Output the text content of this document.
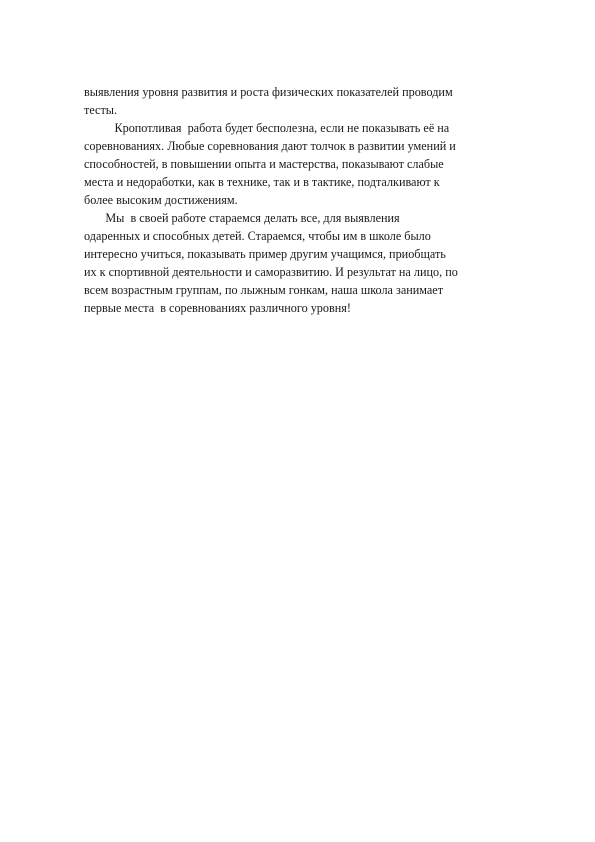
выявления уровня развития и роста физических показателей проводим
тесты.
Кропотливая  работа будет бесполезна, если не показывать её на
соревнованиях. Любые соревнования дают толчок в развитии умений и
способностей, в повышении опыта и мастерства, показывают слабые
места и недоработки, как в технике, так и в тактике, подталкивают к
более высоким достижениям.
Мы  в своей работе стараемся делать все, для выявления
одаренных и способных детей. Стараемся, чтобы им в школе было
интересно учиться, показывать пример другим учащимся, приобщать
их к спортивной деятельности и саморазвитию. И результат на лицо, по
всем возрастным группам, по лыжным гонкам, наша школа занимает
первые места  в соревнованиях различного уровня!
